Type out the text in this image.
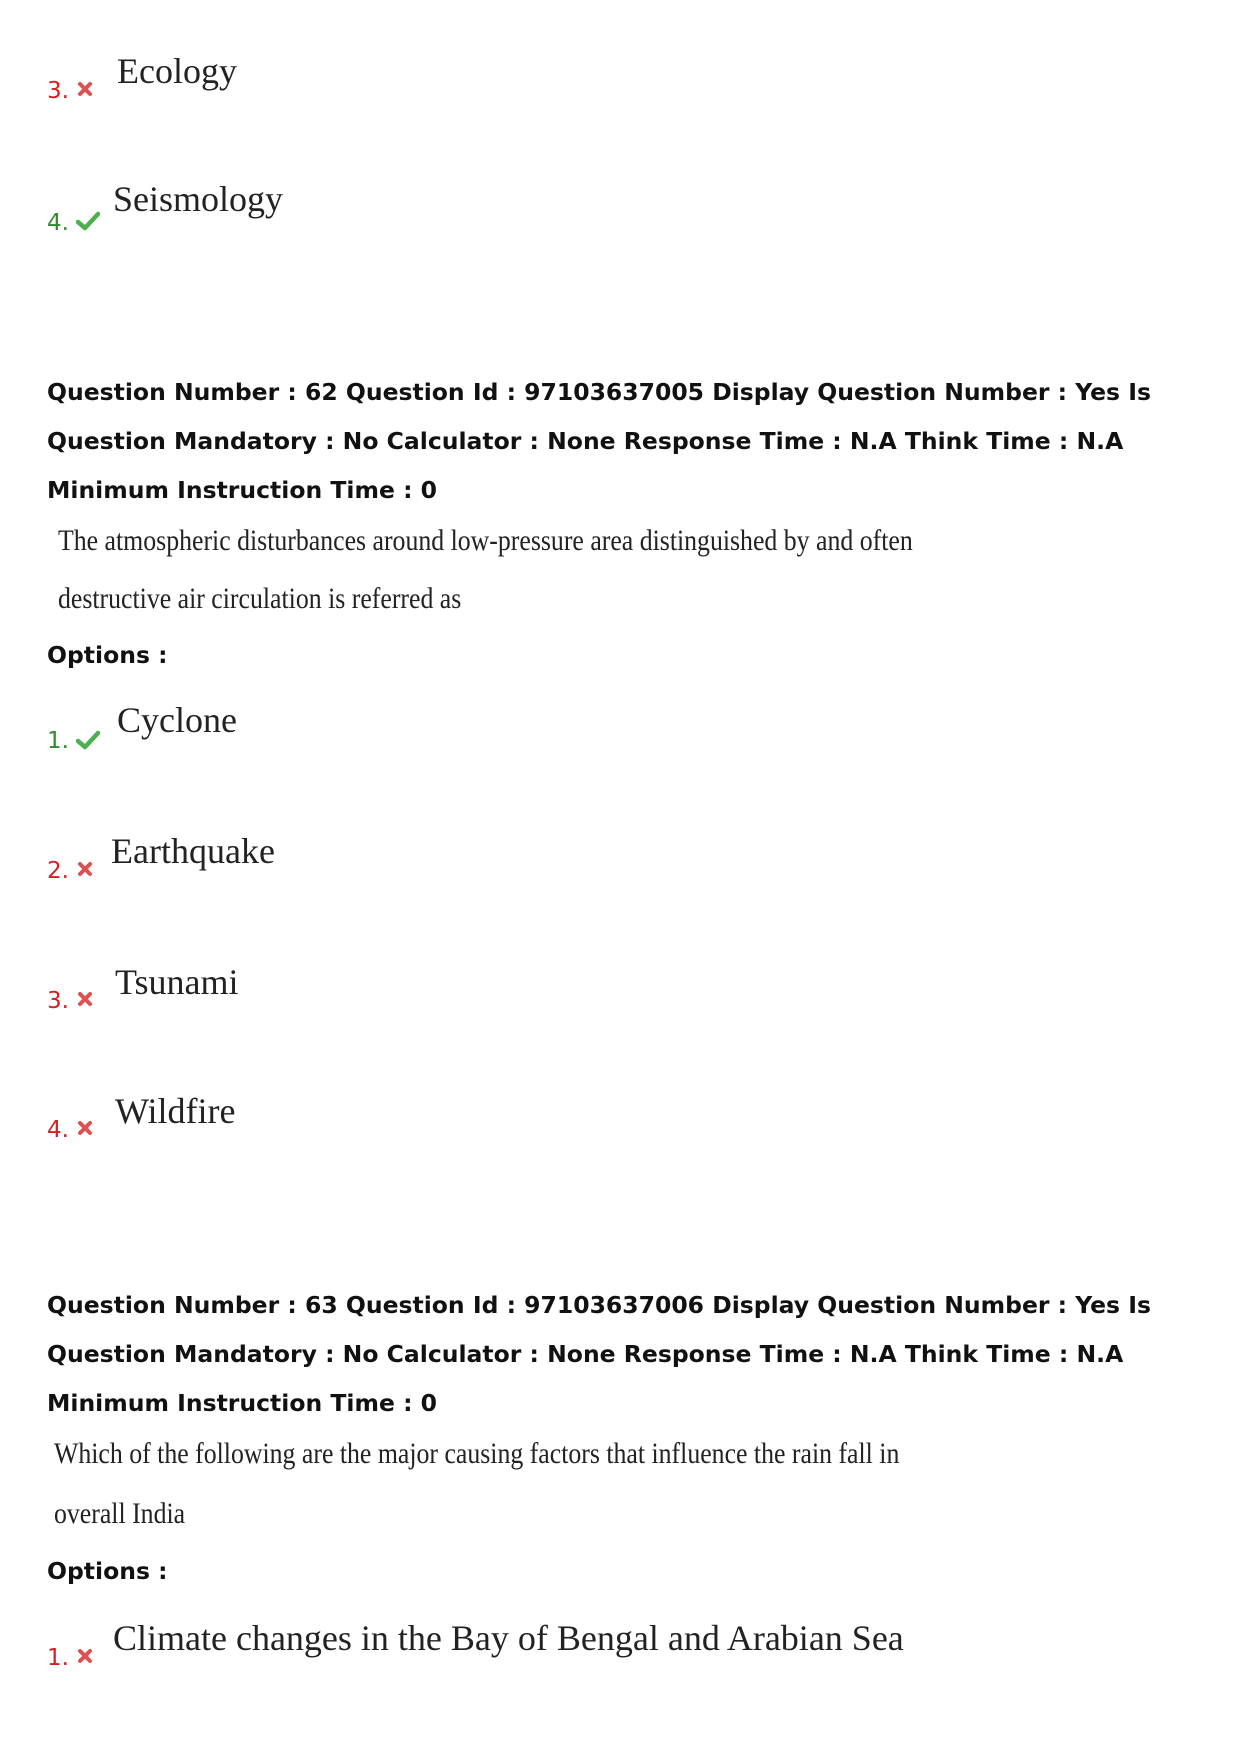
3. Ecology
4.
Seismology
Question Number : 62 Question Id : 97103637005 Display Question Number : Yes Is Question Mandatory : No Calculator : None Response Time : N.A Think Time : N.A Minimum Instruction Time : 0
The atmospheric disturbances around low-pressure area distinguished by and often
destructive air circulation is referred as
Options :
1.
Cyclone
2. Earthquake
3. Tsunami
4. Wildfire
Question Number : 63 Question Id : 97103637006 Display Question Number : Yes Is Question Mandatory : No Calculator : None Response Time : N.A Think Time : N.A Minimum Instruction Time : 0
Which of the following are the major causing factors that influence the rain fall in
overall India
Options :
1. Climate changes in the Bay of Bengal and Arabian Sea
